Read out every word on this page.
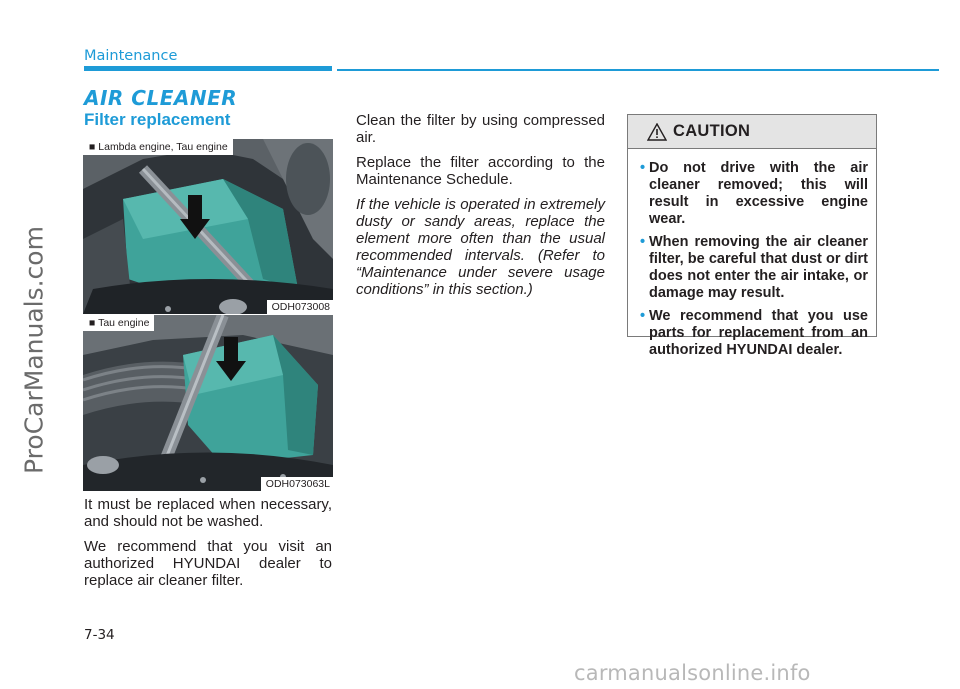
ProCarManuals.com
Maintenance
AIR CLEANER
Filter replacement
■ Lambda engine, Tau engine
ODH073008
■ Tau engine
ODH073063L

It must be replaced when necessary, and should not be washed.

We recommend that you visit an authorized HYUNDAI dealer to replace air cleaner filter.

Clean the filter by using compressed air.

Replace the filter according to the Maintenance Schedule.

If the vehicle is operated in extremely dusty or sandy areas, replace the element more often than the usual recommended intervals. (Refer to “Maintenance under severe usage conditions” in this section.)

CAUTION
• Do not drive with the air cleaner removed; this will result in excessive engine wear.
• When removing the air cleaner filter, be careful that dust or dirt does not enter the air intake, or damage may result.
• We recommend that you use parts for replacement from an authorized HYUNDAI dealer.
7-34
carmanualsonline.info
